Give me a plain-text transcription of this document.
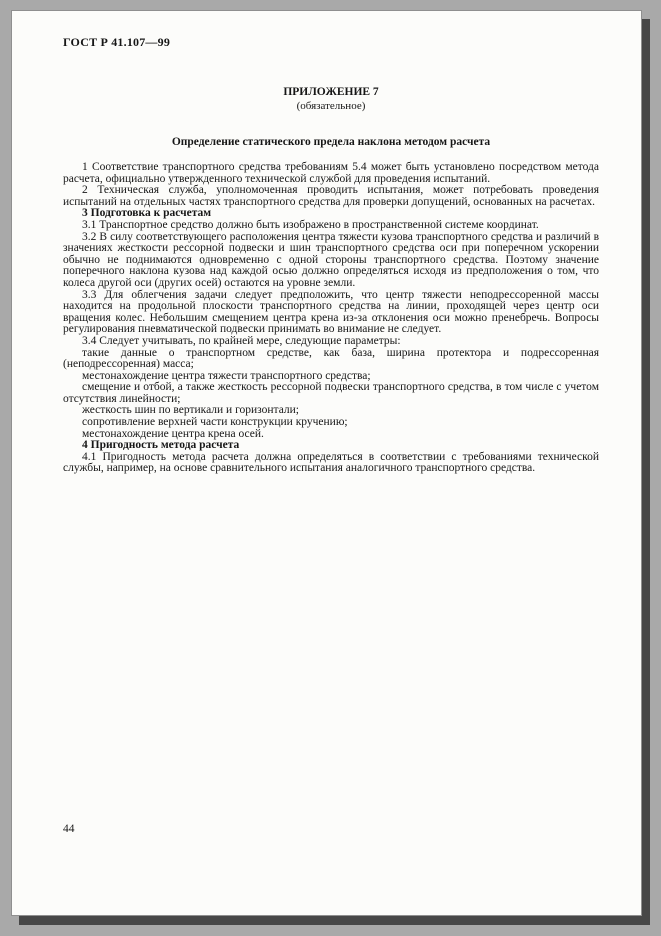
ГОСТ Р 41.107—99
ПРИЛОЖЕНИЕ 7
(обязательное)
Определение статического предела наклона методом расчета

1 Соответствие транспортного средства требованиям 5.4 может быть установлено посредством метода расчета, официально утвержденного технической службой для проведения испытаний.

2 Техническая служба, уполномоченная проводить испытания, может потребовать проведения испытаний на отдельных частях транспортного средства для проверки допущений, основанных на расчетах.

3 Подготовка к расчетам

3.1 Транспортное средство должно быть изображено в пространственной системе координат.

3.2 В силу соответствующего расположения центра тяжести кузова транспортного средства и различий в значениях жесткости рессорной подвески и шин транспортного средства оси при поперечном ускорении обычно не поднимаются одновременно с одной стороны транспортного средства. Поэтому значение поперечного наклона кузова над каждой осью должно определяться исходя из предположения о том, что колеса другой оси (других осей) остаются на уровне земли.

3.3 Для облегчения задачи следует предположить, что центр тяжести неподрессоренной массы находится на продольной плоскости транспортного средства на линии, проходящей через центр оси вращения колес. Небольшим смещением центра крена из-за отклонения оси можно пренебречь. Вопросы регулирования пневматической подвески принимать во внимание не следует.

3.4 Следует учитывать, по крайней мере, следующие параметры:

такие данные о транспортном средстве, как база, ширина протектора и подрессоренная (неподрессоренная) масса;

местонахождение центра тяжести транспортного средства;

смещение и отбой, а также жесткость рессорной подвески транспортного средства, в том числе с учетом отсутствия линейности;

жесткость шин по вертикали и горизонтали;

сопротивление верхней части конструкции кручению;

местонахождение центра крена осей.

4 Пригодность метода расчета

4.1 Пригодность метода расчета должна определяться в соответствии с требованиями технической службы, например, на основе сравнительного испытания аналогичного транспортного средства.

44
